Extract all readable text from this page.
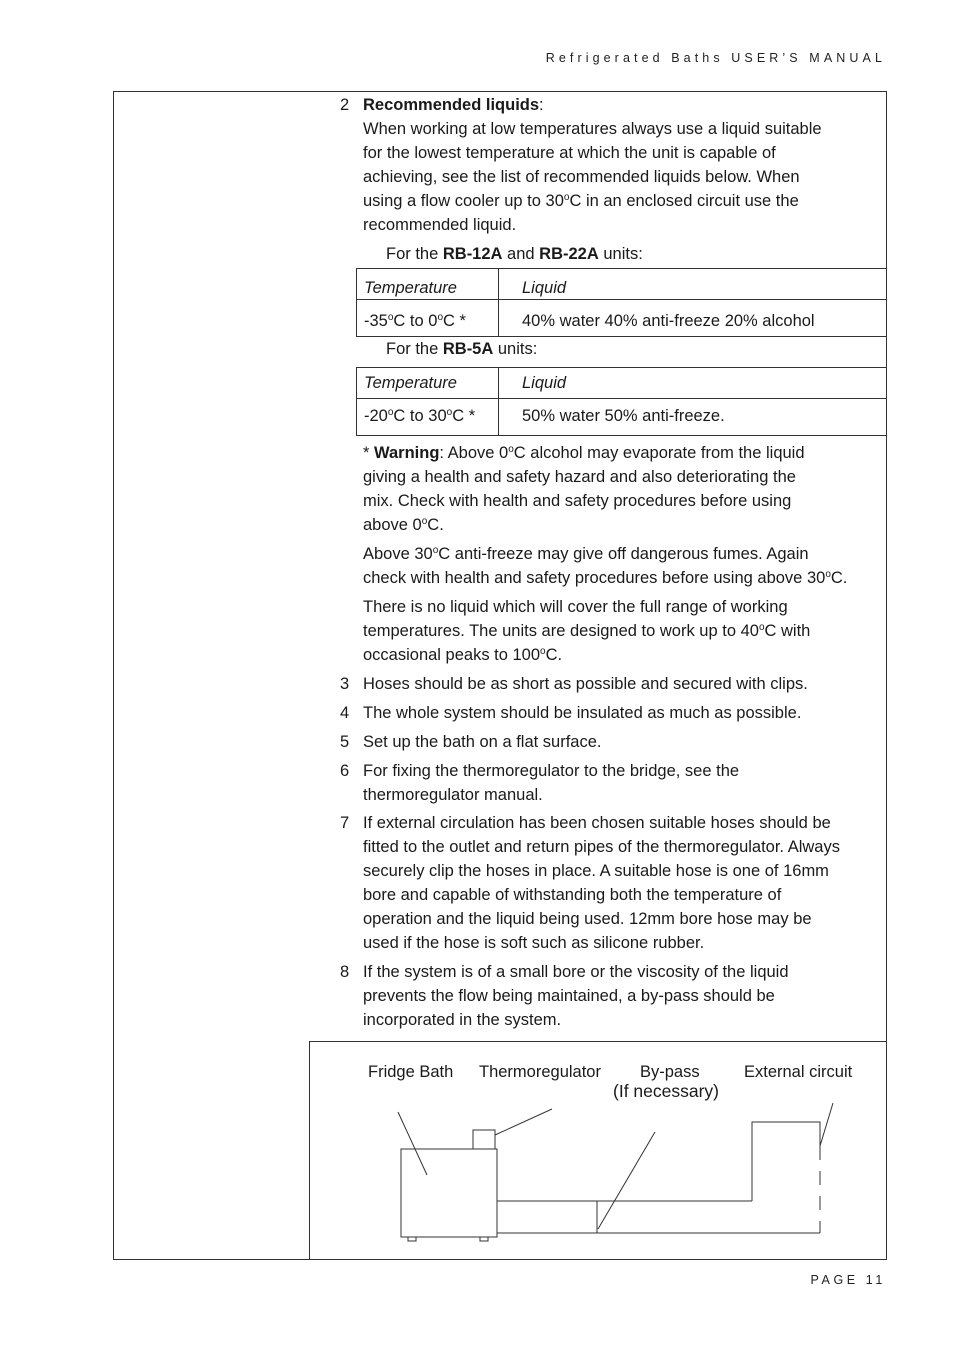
Refrigerated Baths USER’S MANUAL
2 Recommended liquids:
When working at low temperatures always use a liquid suitable
for the lowest temperature at which the unit is capable of
achieving, see the list of recommended liquids below. When
using a flow cooler up to 30$^o$C in an enclosed circuit use the
recommended liquid.
For the RB-12A and RB-22A units:
Temperature	Liquid
-35$^o$C to 0$^o$C *	40% water 40% anti-freeze 20% alcohol
For the RB-5A units:
Temperature	Liquid
-20$^o$C to 30$^o$C *	50% water 50% anti-freeze.
* Warning: Above 0$^o$C alcohol may evaporate from the liquid
giving a health and safety hazard and also deteriorating the
mix. Check with health and safety procedures before using
above 0$^o$C.
Above 30$^o$C anti-freeze may give off dangerous fumes. Again
check with health and safety procedures before using above 30$^o$C.
There is no liquid which will cover the full range of working
temperatures. The units are designed to work up to 40$^o$C with
occasional peaks to 100$^o$C.
3 Hoses should be as short as possible and secured with clips.
4 The whole system should be insulated as much as possible.
5 Set up the bath on a flat surface.
6 For fixing the thermoregulator to the bridge, see the
thermoregulator manual.
7 If external circulation has been chosen suitable hoses should be
fitted to the outlet and return pipes of the thermoregulator. Always
securely clip the hoses in place. A suitable hose is one of 16mm
bore and capable of withstanding both the temperature of
operation and the liquid being used. 12mm bore hose may be
used if the hose is soft such as silicone rubber.
8 If the system is of a small bore or the viscosity of the liquid
prevents the flow being maintained, a by-pass should be
incorporated in the system.
Fridge Bath Thermoregulator By-pass
(If necessary)
External circuit
PAGE 11
